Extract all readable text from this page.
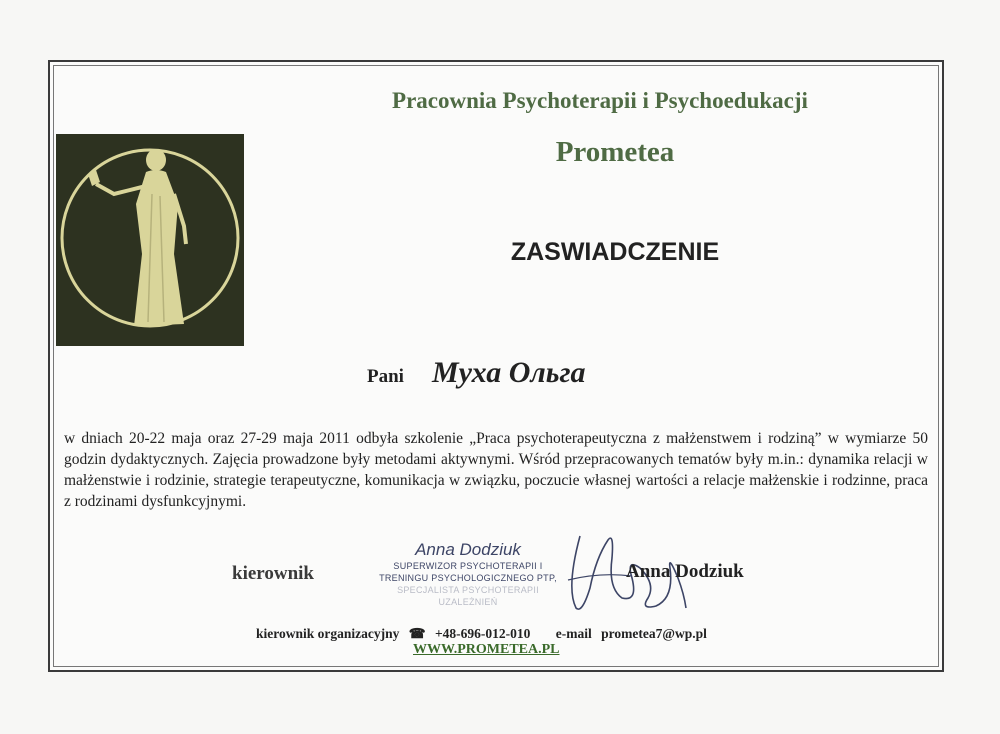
Pracownia Psychoterapii i Psychoedukacji
Prometea
ZASWIADCZENIE
Pani Муха Ольга
w dniach 20-22 maja oraz 27-29 maja 2011 odbyła szkolenie „Praca psychoterapeutyczna z małżenstwem i rodziną” w wymiarze 50 godzin dydaktycznych. Zajęcia prowadzone były metodami aktywnymi. Wśród przepracowanych tematów były m.in.: dynamika relacji w małżenstwie i rodzinie, strategie terapeutyczne, komunikacja w związku, poczucie własnej wartości a relacje małżenskie i rodzinne, praca z rodzinami dysfunkcyjnymi.
kierownik
Anna Dodziuk
SUPERWIZOR PSYCHOTERAPII I
TRENINGU PSYCHOLOGICZNEGO PTP,
SPECJALISTA PSYCHOTERAPII UZALEŻNIEŃ
Anna Dodziuk
kierownik organizacyjny ☎ +48-696-012-010 e-mail prometea7@wp.pl
WWW.PROMETEA.PL
